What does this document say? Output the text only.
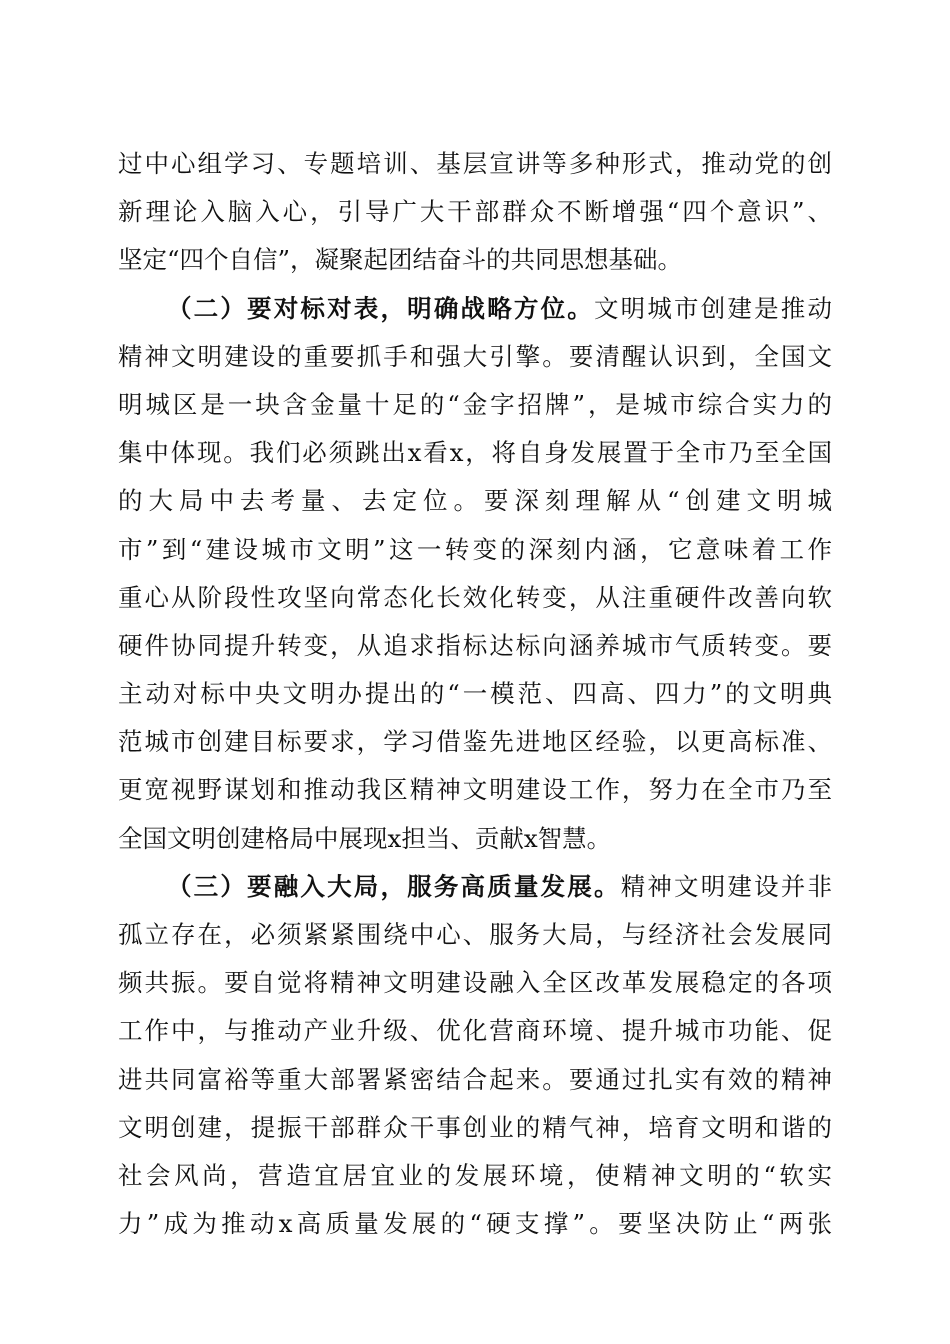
过中心组学习、专题培训、基层宣讲等多种形式，推动党的创
新理论入脑入心，引导广大干部群众不断增强“四个意识”、
坚定“四个自信”，凝聚起团结奋斗的共同思想基础。
（二）要对标对表，明确战略方位。文明城市创建是推动
精神文明建设的重要抓手和强大引擎。要清醒认识到，全国文
明城区是一块含金量十足的“金字招牌”，是城市综合实力的
集中体现。我们必须跳出x看x，将自身发展置于全市乃至全国
的大局中去考量、去定位。要深刻理解从“创建文明城
市”到“建设城市文明”这一转变的深刻内涵，它意味着工作
重心从阶段性攻坚向常态化长效化转变，从注重硬件改善向软
硬件协同提升转变，从追求指标达标向涵养城市气质转变。要
主动对标中央文明办提出的“一模范、四高、四力”的文明典
范城市创建目标要求，学习借鉴先进地区经验，以更高标准、
更宽视野谋划和推动我区精神文明建设工作，努力在全市乃至
全国文明创建格局中展现x担当、贡献x智慧。
（三）要融入大局，服务高质量发展。精神文明建设并非
孤立存在，必须紧紧围绕中心、服务大局，与经济社会发展同
频共振。要自觉将精神文明建设融入全区改革发展稳定的各项
工作中，与推动产业升级、优化营商环境、提升城市功能、促
进共同富裕等重大部署紧密结合起来。要通过扎实有效的精神
文明创建，提振干部群众干事创业的精气神，培育文明和谐的
社会风尚，营造宜居宜业的发展环境，使精神文明的“软实
力”成为推动x高质量发展的“硬支撑”。要坚决防止“两张
